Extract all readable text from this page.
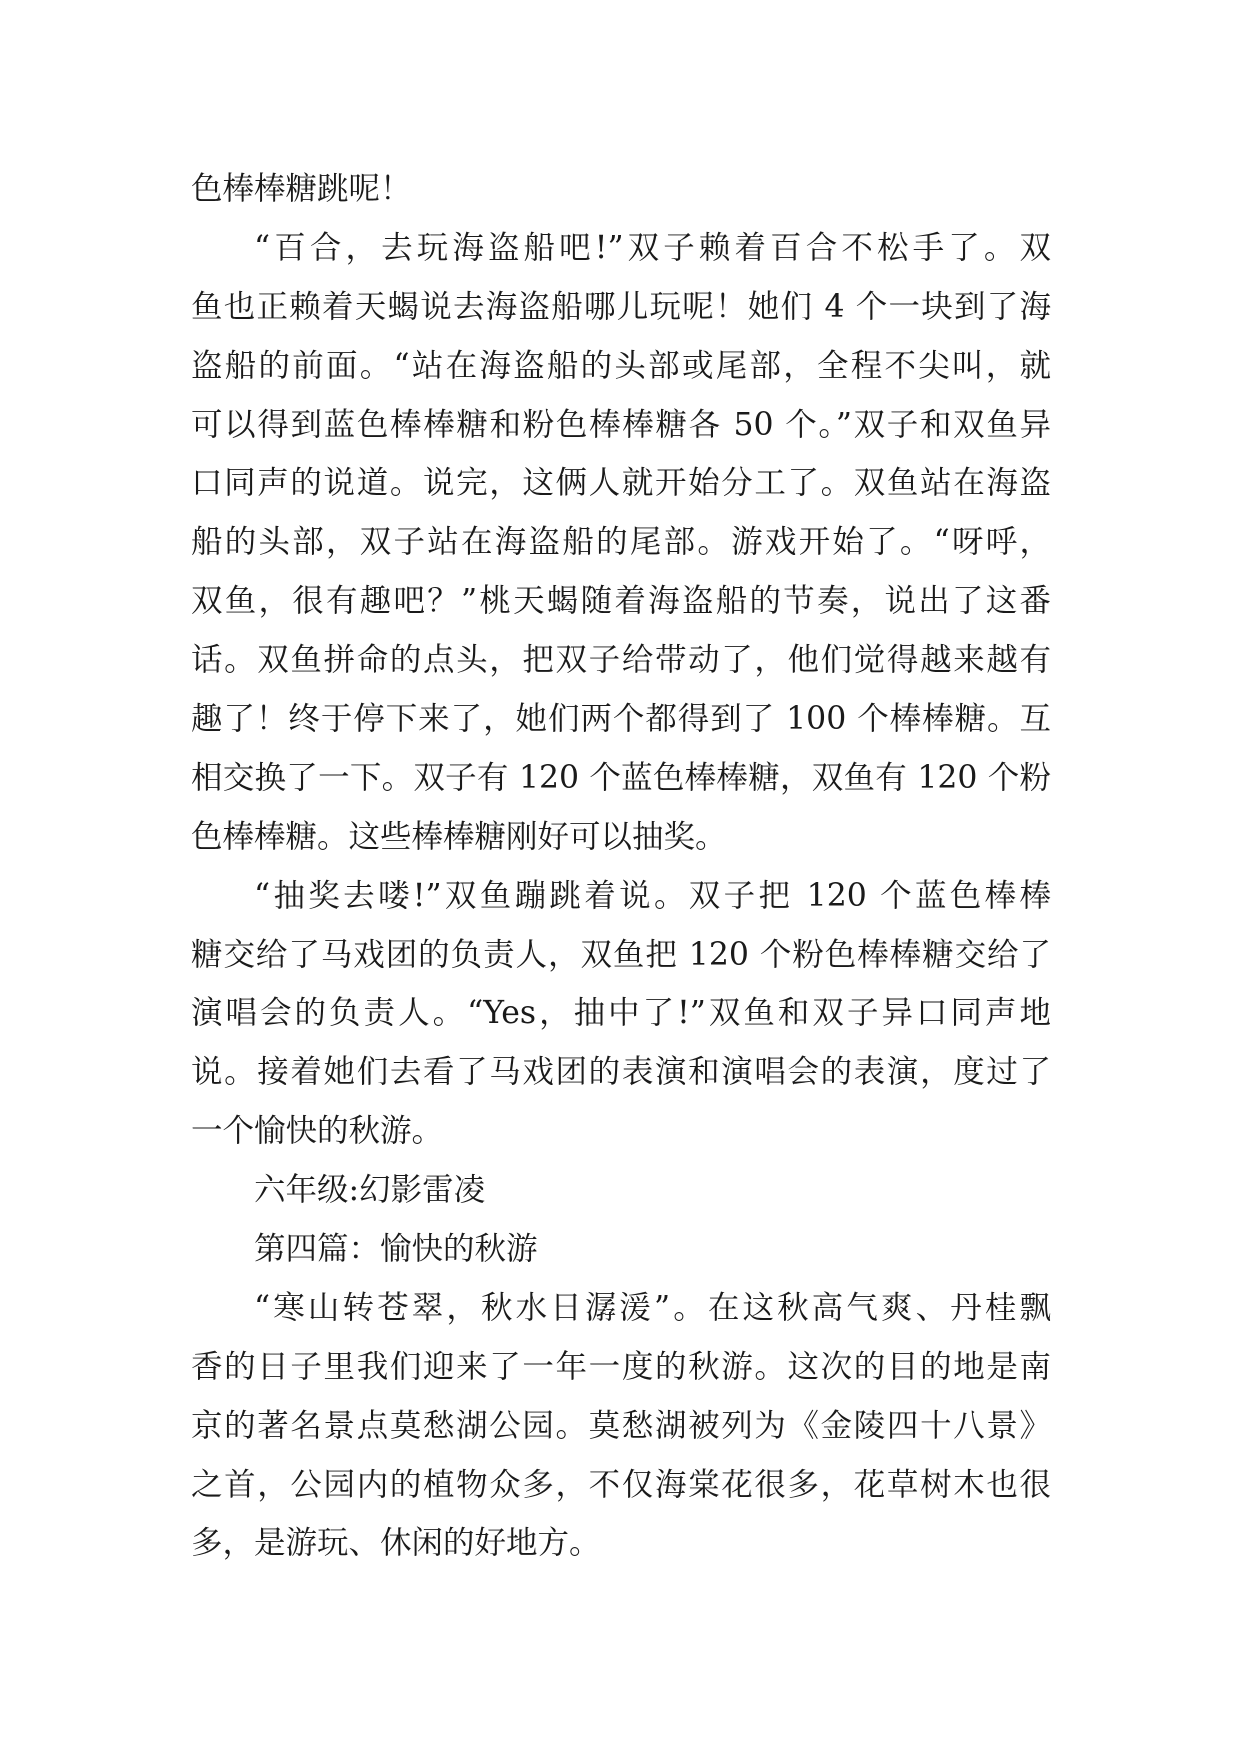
色棒棒糖跳呢！
“百合，去玩海盗船吧!”双子赖着百合不松手了。双
鱼也正赖着天蝎说去海盗船哪儿玩呢！她们 4 个一块到了海
盗船的前面。“站在海盗船的头部或尾部，全程不尖叫，就
可以得到蓝色棒棒糖和粉色棒棒糖各 50 个。”双子和双鱼异
口同声的说道。说完，这俩人就开始分工了。双鱼站在海盗
船的头部，双子站在海盗船的尾部。游戏开始了。“呀呼，
双鱼，很有趣吧？”桃天蝎随着海盗船的节奏，说出了这番
话。双鱼拼命的点头，把双子给带动了，他们觉得越来越有
趣了！终于停下来了，她们两个都得到了 100 个棒棒糖。互
相交换了一下。双子有 120 个蓝色棒棒糖，双鱼有 120 个粉
色棒棒糖。这些棒棒糖刚好可以抽奖。
“抽奖去喽!”双鱼蹦跳着说。双子把 120 个蓝色棒棒
糖交给了马戏团的负责人，双鱼把 120 个粉色棒棒糖交给了
演唱会的负责人。“Yes，抽中了!”双鱼和双子异口同声地
说。接着她们去看了马戏团的表演和演唱会的表演，度过了
一个愉快的秋游。
六年级:幻影雷凌
第四篇：愉快的秋游
“寒山转苍翠，秋水日潺湲”。在这秋高气爽、丹桂飘
香的日子里我们迎来了一年一度的秋游。这次的目的地是南
京的著名景点莫愁湖公园。莫愁湖被列为《金陵四十八景》
之首，公园内的植物众多，不仅海棠花很多，花草树木也很
多，是游玩、休闲的好地方。
